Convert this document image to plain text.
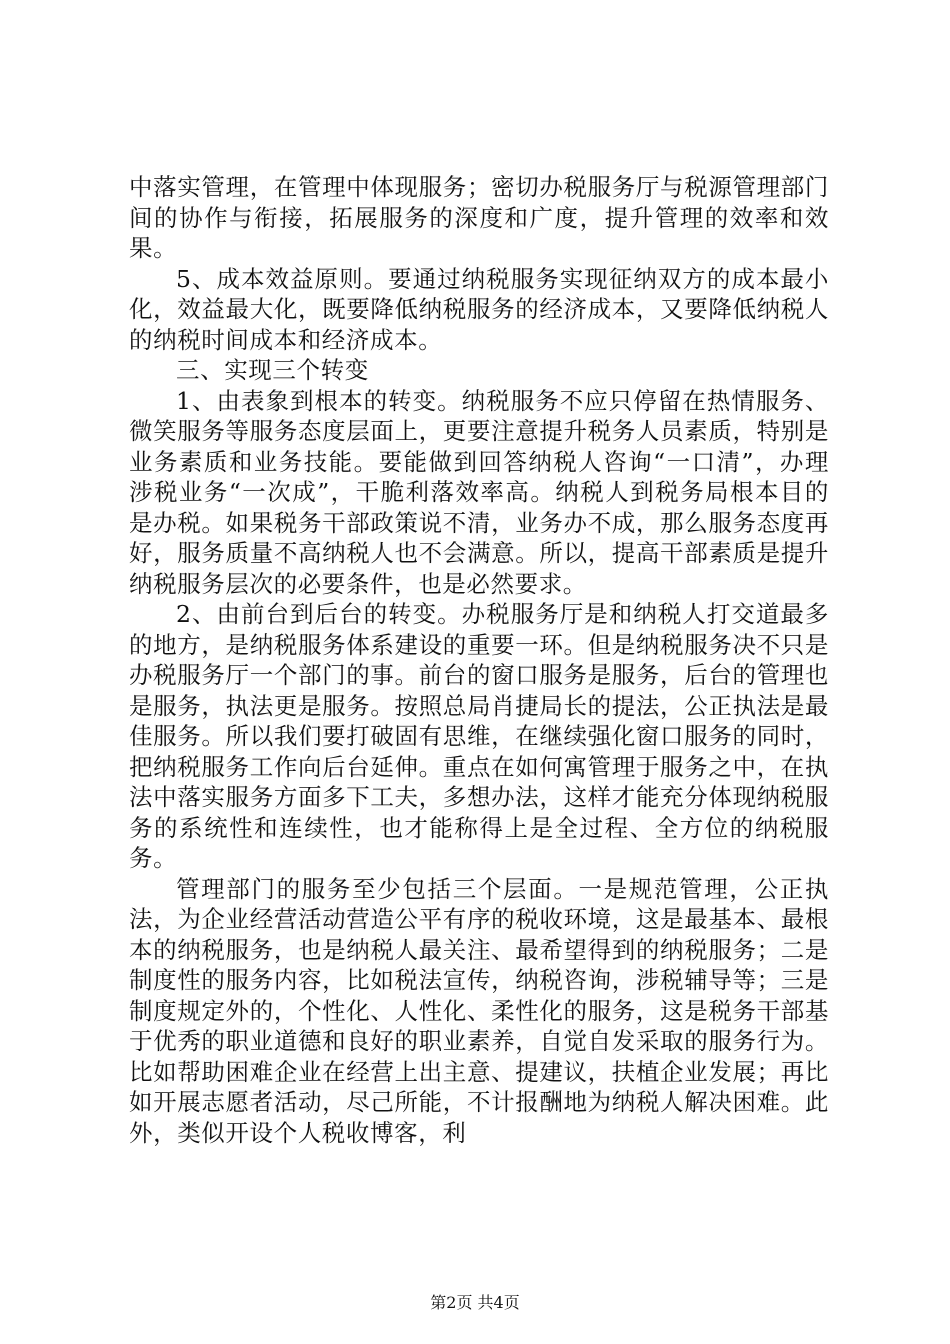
中落实管理，在管理中体现服务；密切办税服务厅与税源管理部门间的协作与衔接，拓展服务的深度和广度，提升管理的效率和效果。

5、成本效益原则。要通过纳税服务实现征纳双方的成本最小化，效益最大化，既要降低纳税服务的经济成本，又要降低纳税人的纳税时间成本和经济成本。

三、实现三个转变

1、由表象到根本的转变。纳税服务不应只停留在热情服务、微笑服务等服务态度层面上，更要注意提升税务人员素质，特别是业务素质和业务技能。要能做到回答纳税人咨询“一口清”，办理涉税业务“一次成”，干脆利落效率高。纳税人到税务局根本目的是办税。如果税务干部政策说不清，业务办不成，那么服务态度再好，服务质量不高纳税人也不会满意。所以，提高干部素质是提升纳税服务层次的必要条件，也是必然要求。

2、由前台到后台的转变。办税服务厅是和纳税人打交道最多的地方，是纳税服务体系建设的重要一环。但是纳税服务决不只是办税服务厅一个部门的事。前台的窗口服务是服务，后台的管理也是服务，执法更是服务。按照总局肖捷局长的提法，公正执法是最佳服务。所以我们要打破固有思维，在继续强化窗口服务的同时，把纳税服务工作向后台延伸。重点在如何寓管理于服务之中，在执法中落实服务方面多下工夫，多想办法，这样才能充分体现纳税服务的系统性和连续性，也才能称得上是全过程、全方位的纳税服务。

管理部门的服务至少包括三个层面。一是规范管理，公正执法，为企业经营活动营造公平有序的税收环境，这是最基本、最根本的纳税服务，也是纳税人最关注、最希望得到的纳税服务；二是制度性的服务内容，比如税法宣传，纳税咨询，涉税辅导等；三是制度规定外的，个性化、人性化、柔性化的服务，这是税务干部基于优秀的职业道德和良好的职业素养，自觉自发采取的服务行为。比如帮助困难企业在经营上出主意、提建议，扶植企业发展；再比如开展志愿者活动，尽己所能，不计报酬地为纳税人解决困难。此外，类似开设个人税收博客，利

第2页 共4页
